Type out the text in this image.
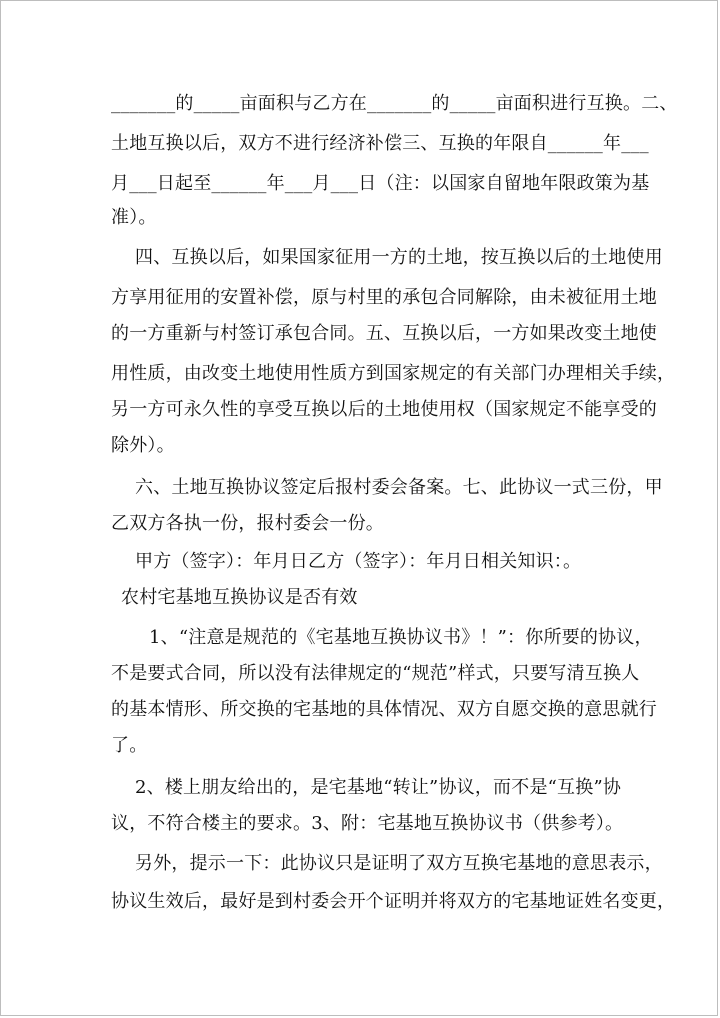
_______的_____亩面积与乙方在_______的_____亩面积进行互换。二、
土地互换以后，双方不进行经济补偿三、互换的年限自______年___
月___日起至______年___月___日（注：以国家自留地年限政策为基
准）。
四、互换以后，如果国家征用一方的土地，按互换以后的土地使用
方享用征用的安置补偿，原与村里的承包合同解除，由未被征用土地
的一方重新与村签订承包合同。五、互换以后，一方如果改变土地使
用性质，由改变土地使用性质方到国家规定的有关部门办理相关手续，
另一方可永久性的享受互换以后的土地使用权（国家规定不能享受的
除外）。
六、土地互换协议签定后报村委会备案。七、此协议一式三份，甲
乙双方各执一份，报村委会一份。
甲方（签字）：年月日乙方（签字）：年月日相关知识：。
农村宅基地互换协议是否有效
1、“注意是规范的《宅基地互换协议书》！”：你所要的协议，
不是要式合同，所以没有法律规定的“规范”样式，只要写清互换人
的基本情形、所交换的宅基地的具体情况、双方自愿交换的意思就行
了。
2、楼上朋友给出的，是宅基地“转让”协议，而不是“互换”协
议，不符合楼主的要求。3、附：宅基地互换协议书（供参考）。
另外，提示一下：此协议只是证明了双方互换宅基地的意思表示，
协议生效后，最好是到村委会开个证明并将双方的宅基地证姓名变更，
